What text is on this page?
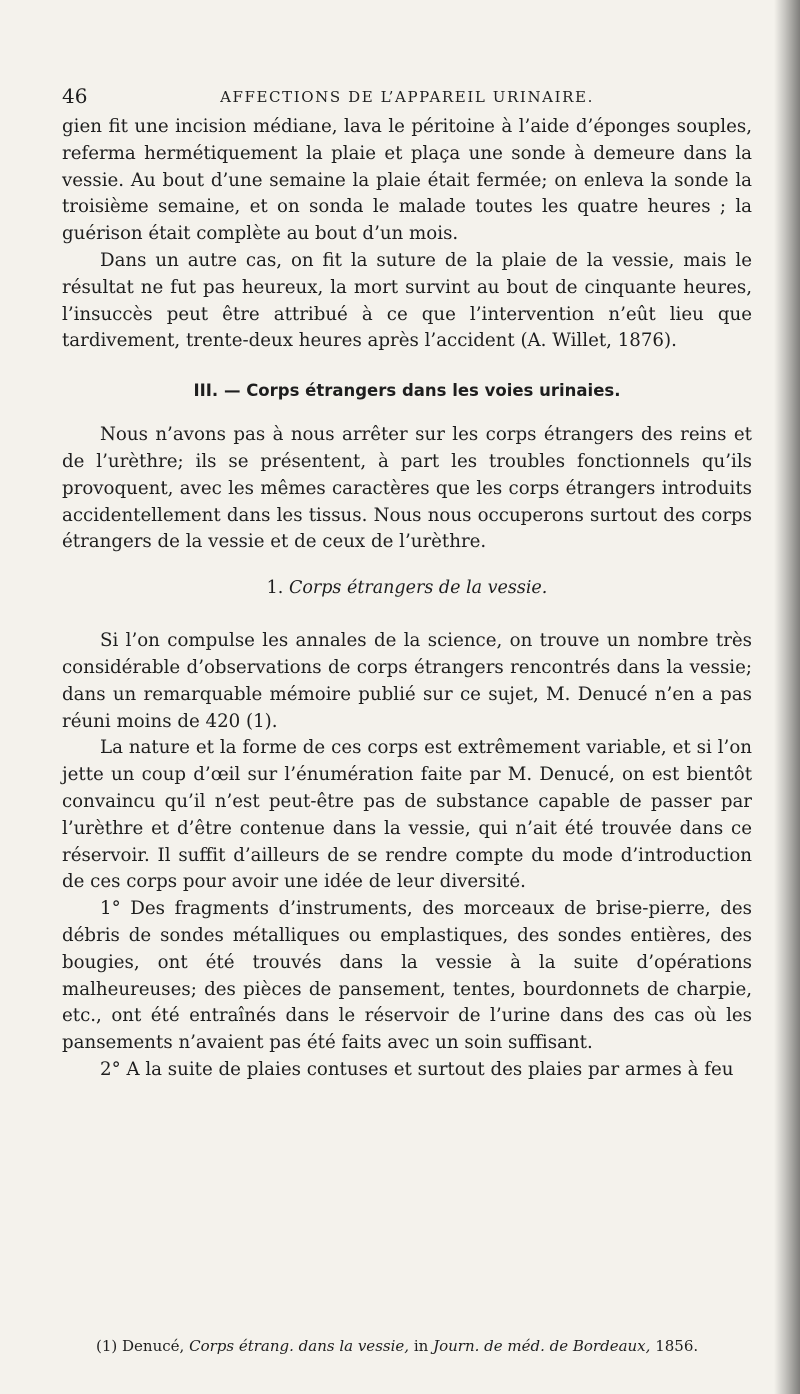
46	AFFECTIONS DE L’APPAREIL URINAIRE.

gien fit une incision médiane, lava le péritoine à l’aide d’éponges souples, referma hermétiquement la plaie et plaça une sonde à demeure dans la vessie. Au bout d’une semaine la plaie était fermée; on enleva la sonde la troisième semaine, et on sonda le malade toutes les quatre heures ; la guérison était complète au bout d’un mois.

Dans un autre cas, on fit la suture de la plaie de la vessie, mais le résultat ne fut pas heureux, la mort survint au bout de cinquante heures, l’insuccès peut être attribué à ce que l’intervention n’eût lieu que tardivement, trente-deux heures après l’accident (A. Willet, 1876).

III. — Corps étrangers dans les voies urinaies.

Nous n’avons pas à nous arrêter sur les corps étrangers des reins et de l’urèthre; ils se présentent, à part les troubles fonctionnels qu’ils provoquent, avec les mêmes caractères que les corps étrangers introduits accidentellement dans les tissus. Nous nous occuperons surtout des corps étrangers de la vessie et de ceux de l’urèthre.

1. Corps étrangers de la vessie.

Si l’on compulse les annales de la science, on trouve un nombre très considérable d’observations de corps étrangers rencontrés dans la vessie; dans un remarquable mémoire publié sur ce sujet, M. Denucé n’en a pas réuni moins de 420 (1).

La nature et la forme de ces corps est extrêmement variable, et si l’on jette un coup d’œil sur l’énumération faite par M. Denucé, on est bientôt convaincu qu’il n’est peut-être pas de substance capable de passer par l’urèthre et d’être contenue dans la vessie, qui n’ait été trouvée dans ce réservoir. Il suffit d’ailleurs de se rendre compte du mode d’introduction de ces corps pour avoir une idée de leur diversité.

1° Des fragments d’instruments, des morceaux de brise-pierre, des débris de sondes métalliques ou emplastiques, des sondes entières, des bougies, ont été trouvés dans la vessie à la suite d’opérations malheureuses; des pièces de pansement, tentes, bourdonnets de charpie, etc., ont été entraînés dans le réservoir de l’urine dans des cas où les pansements n’avaient pas été faits avec un soin suffisant.

2° A la suite de plaies contuses et surtout des plaies par armes à feu

(1) Denucé, Corps étrang. dans la vessie, in Journ. de méd. de Bordeaux, 1856.
